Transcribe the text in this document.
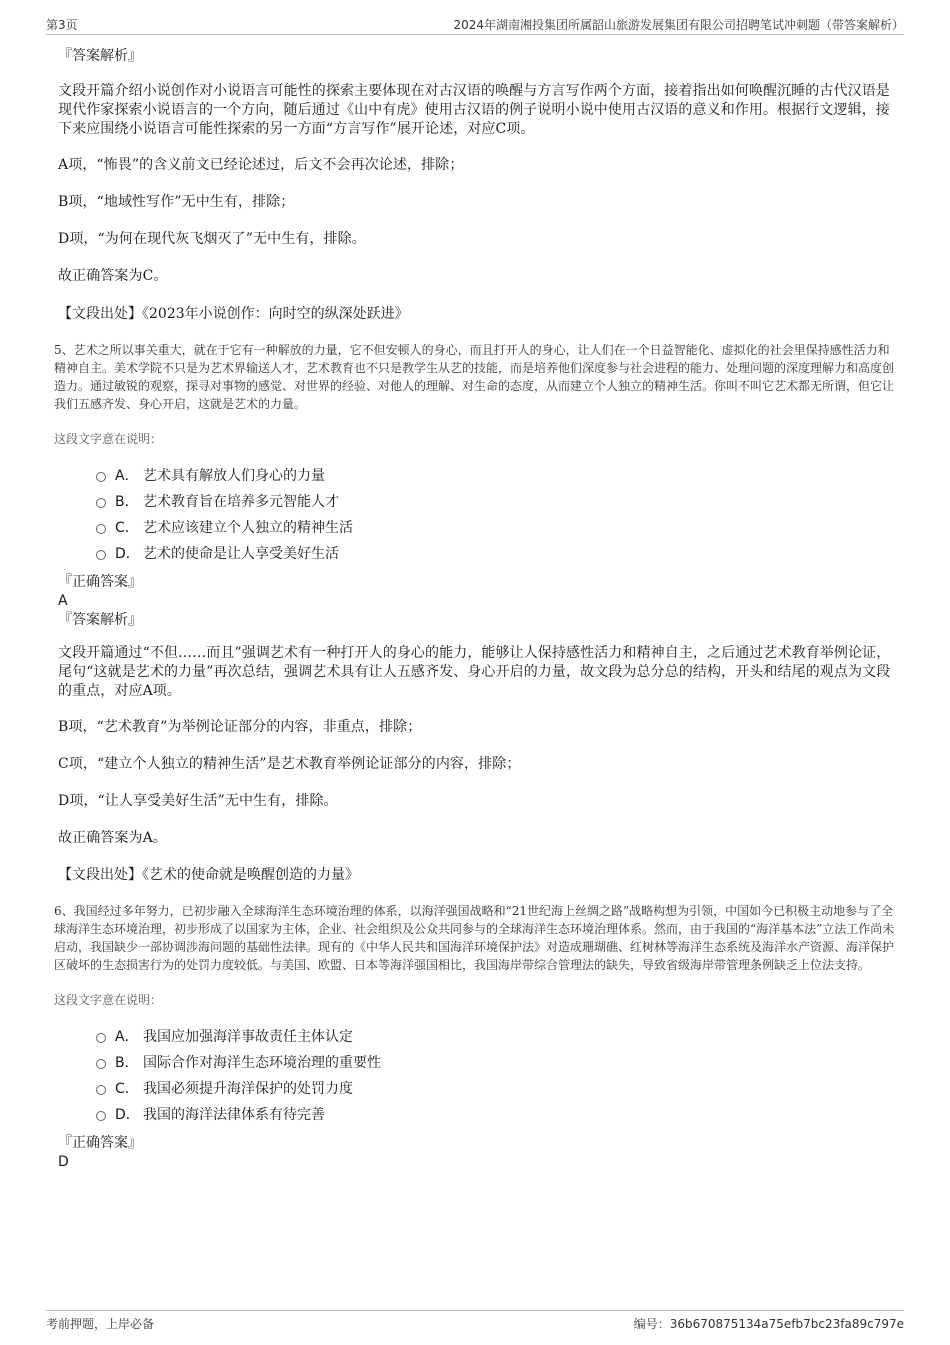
第3页	2024年湖南湘投集团所属韶山旅游发展集团有限公司招聘笔试冲刺题（带答案解析）
『答案解析』
文段开篇介绍小说创作对小说语言可能性的探索主要体现在对古汉语的唤醒与方言写作两个方面，接着指出如何唤醒沉睡的古代汉语是现代作家探索小说语言的一个方向，随后通过《山中有虎》使用古汉语的例子说明小说中使用古汉语的意义和作用。根据行文逻辑，接下来应围绕小说语言可能性探索的另一方面“方言写作”展开论述，对应C项。
A项，“怖畏”的含义前文已经论述过，后文不会再次论述，排除；
B项，“地域性写作”无中生有，排除；
D项，“为何在现代灰飞烟灭了”无中生有，排除。
故正确答案为C。
【文段出处】《2023年小说创作：向时空的纵深处跃进》
5、艺术之所以事关重大，就在于它有一种解放的力量，它不但安顿人的身心，而且打开人的身心，让人们在一个日益智能化、虚拟化的社会里保持感性活力和精神自主。美术学院不只是为艺术界输送人才，艺术教育也不只是教学生从艺的技能，而是培养他们深度参与社会进程的能力、处理问题的深度理解力和高度创造力。通过敏锐的观察，探寻对事物的感觉、对世界的经验、对他人的理解、对生命的态度，从而建立个人独立的精神生活。你叫不叫它艺术都无所谓，但它让我们五感齐发、身心开启，这就是艺术的力量。
这段文字意在说明：
A． 艺术具有解放人们身心的力量
B． 艺术教育旨在培养多元智能人才
C． 艺术应该建立个人独立的精神生活
D． 艺术的使命是让人享受美好生活
『正确答案』
A
『答案解析』
文段开篇通过“不但……而且”强调艺术有一种打开人的身心的能力，能够让人保持感性活力和精神自主，之后通过艺术教育举例论证，尾句“这就是艺术的力量”再次总结，强调艺术具有让人五感齐发、身心开启的力量，故文段为总分总的结构，开头和结尾的观点为文段的重点，对应A项。
B项，“艺术教育”为举例论证部分的内容，非重点，排除；
C项，“建立个人独立的精神生活”是艺术教育举例论证部分的内容，排除；
D项，“让人享受美好生活”无中生有，排除。
故正确答案为A。
【文段出处】《艺术的使命就是唤醒创造的力量》
6、我国经过多年努力，已初步融入全球海洋生态环境治理的体系，以海洋强国战略和“21世纪海上丝绸之路”战略构想为引领，中国如今已积极主动地参与了全球海洋生态环境治理，初步形成了以国家为主体，企业、社会组织及公众共同参与的全球海洋生态环境治理体系。然而，由于我国的“海洋基本法”立法工作尚未启动，我国缺少一部协调涉海问题的基础性法律。现有的《中华人民共和国海洋环境保护法》对造成珊瑚礁、红树林等海洋生态系统及海洋水产资源、海洋保护区破坏的生态损害行为的处罚力度较低。与美国、欧盟、日本等海洋强国相比，我国海岸带综合管理法的缺失，导致省级海岸带管理条例缺乏上位法支持。
这段文字意在说明：
A． 我国应加强海洋事故责任主体认定
B． 国际合作对海洋生态环境治理的重要性
C． 我国必须提升海洋保护的处罚力度
D． 我国的海洋法律体系有待完善
『正确答案』
D
考前押题，上岸必备	编号：36b670875134a75efb7bc23fa89c797e
